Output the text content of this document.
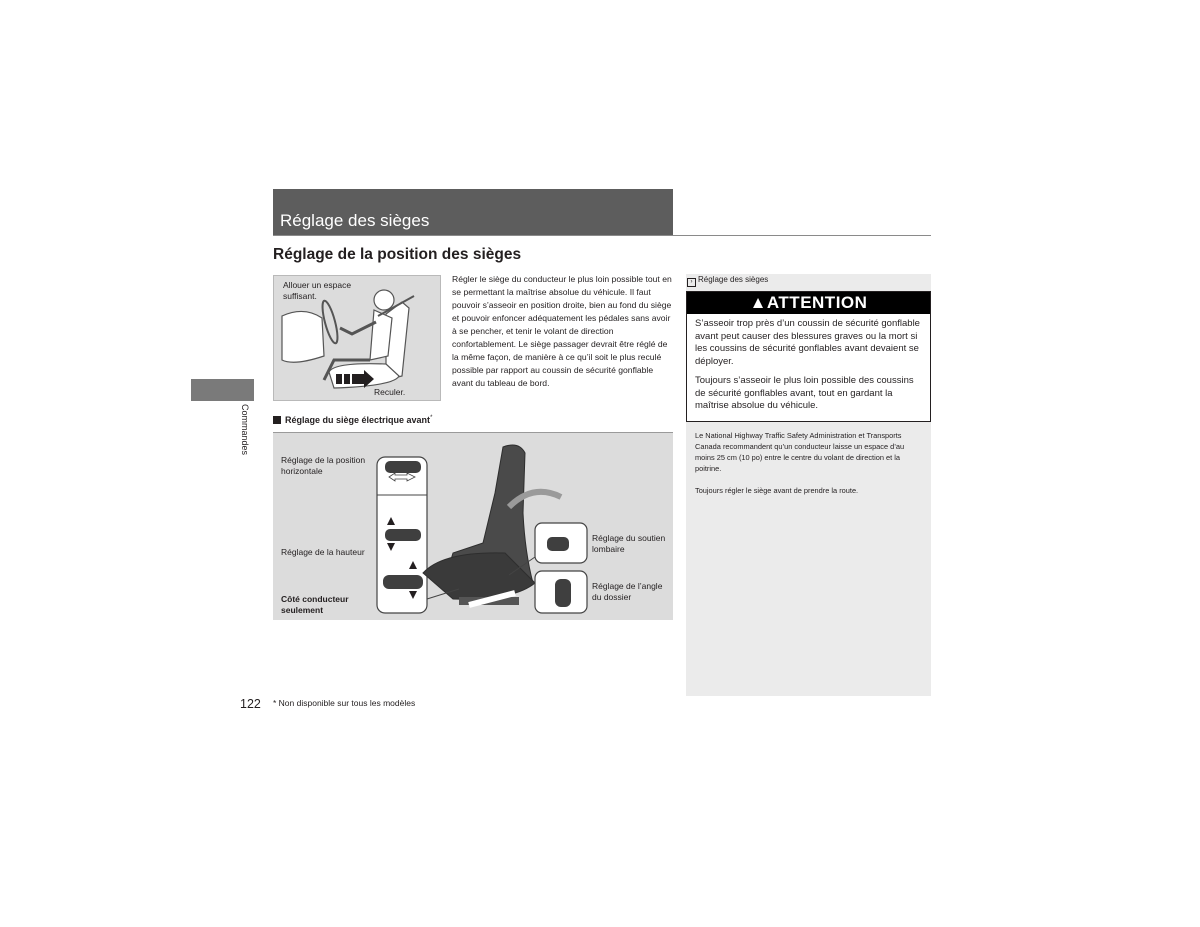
Réglage des sièges
Réglage de la position des sièges
Commandes
Allouer un espace suffisant.
Reculer.
Régler le siège du conducteur le plus loin possible tout en se permettant la maîtrise absolue du véhicule. Il faut pouvoir s’asseoir en position droite, bien au fond du siège et pouvoir enfoncer adéquatement les pédales sans avoir à se pencher, et tenir le volant de direction confortablement. Le siège passager devrait être réglé de la même façon, de manière à ce qu’il soit le plus reculé possible par rapport au coussin de sécurité gonflable avant du tableau de bord.
Réglage du siège électrique avant*
Réglage de la position horizontale
Réglage de la hauteur
Côté conducteur seulement
Réglage du soutien lombaire
Réglage de l’angle du dossier
› Réglage des sièges
▲ATTENTION
S’asseoir trop près d’un coussin de sécurité gonflable avant peut causer des blessures graves ou la mort si les coussins de sécurité gonflables avant devaient se déployer.
Toujours s’asseoir le plus loin possible des coussins de sécurité gonflables avant, tout en gardant la maîtrise absolue du véhicule.
Le National Highway Traffic Safety Administration et Transports Canada recommandent qu’un conducteur laisse un espace d’au moins 25 cm (10 po) entre le centre du volant de direction et la poitrine.
Toujours régler le siège avant de prendre la route.
122 * Non disponible sur tous les modèles
